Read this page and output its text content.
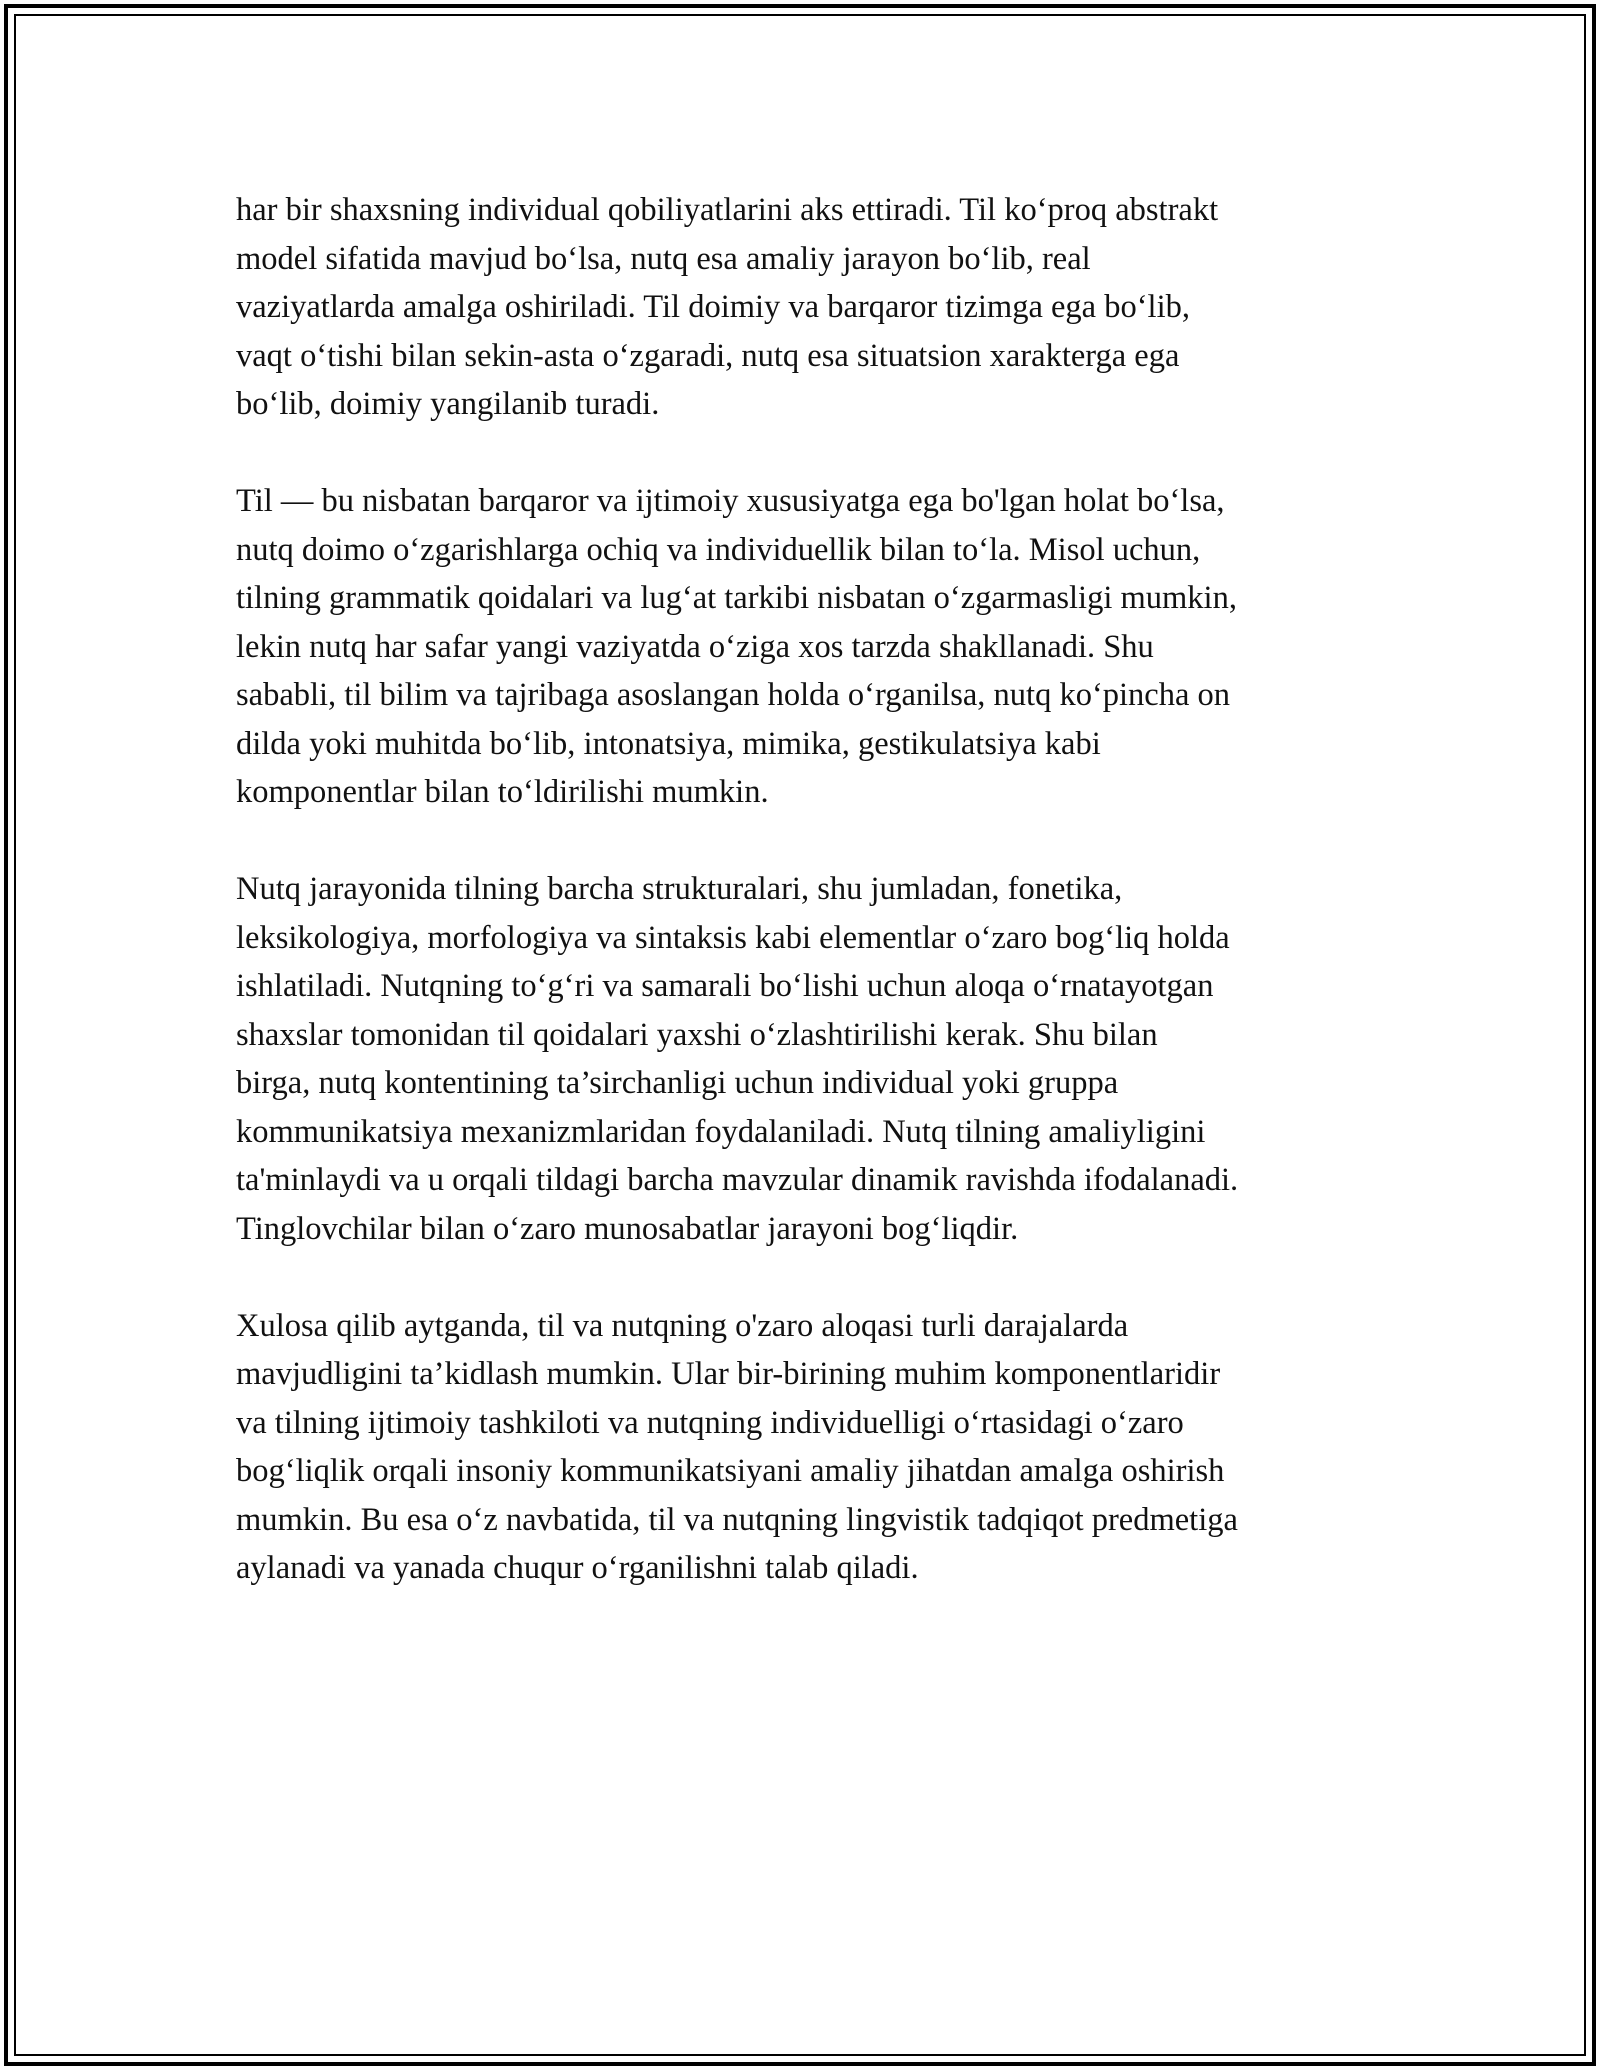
har bir shaxsning individual qobiliyatlarini aks ettiradi. Til ko‘proq abstrakt
model sifatida mavjud bo‘lsa, nutq esa amaliy jarayon bo‘lib, real
vaziyatlarda amalga oshiriladi. Til doimiy va barqaror tizimga ega bo‘lib,
vaqt o‘tishi bilan sekin-asta o‘zgaradi, nutq esa situatsion xarakterga ega
bo‘lib, doimiy yangilanib turadi.

Til — bu nisbatan barqaror va ijtimoiy xususiyatga ega bo'lgan holat bo‘lsa,
nutq doimo o‘zgarishlarga ochiq va individuellik bilan to‘la. Misol uchun,
tilning grammatik qoidalari va lug‘at tarkibi nisbatan o‘zgarmasligi mumkin,
lekin nutq har safar yangi vaziyatda o‘ziga xos tarzda shakllanadi. Shu
sababli, til bilim va tajribaga asoslangan holda o‘rganilsa, nutq ko‘pincha on
dilda yoki muhitda bo‘lib, intonatsiya, mimika, gestikulatsiya kabi
komponentlar bilan to‘ldirilishi mumkin.

Nutq jarayonida tilning barcha strukturalari, shu jumladan, fonetika,
leksikologiya, morfologiya va sintaksis kabi elementlar o‘zaro bog‘liq holda
ishlatiladi. Nutqning to‘g‘ri va samarali bo‘lishi uchun aloqa o‘rnatayotgan
shaxslar tomonidan til qoidalari yaxshi o‘zlashtirilishi kerak. Shu bilan
birga, nutq kontentining ta’sirchanligi uchun individual yoki gruppa
kommunikatsiya mexanizmlaridan foydalaniladi. Nutq tilning amaliyligini
ta'minlaydi va u orqali tildagi barcha mavzular dinamik ravishda ifodalanadi.
Tinglovchilar bilan o‘zaro munosabatlar jarayoni bog‘liqdir.

Xulosa qilib aytganda, til va nutqning o'zaro aloqasi turli darajalarda
mavjudligini ta’kidlash mumkin. Ular bir-birining muhim komponentlaridir
va tilning ijtimoiy tashkiloti va nutqning individuelligi o‘rtasidagi o‘zaro
bog‘liqlik orqali insoniy kommunikatsiyani amaliy jihatdan amalga oshirish
mumkin. Bu esa o‘z navbatida, til va nutqning lingvistik tadqiqot predmetiga
aylanadi va yanada chuqur o‘rganilishni talab qiladi.
